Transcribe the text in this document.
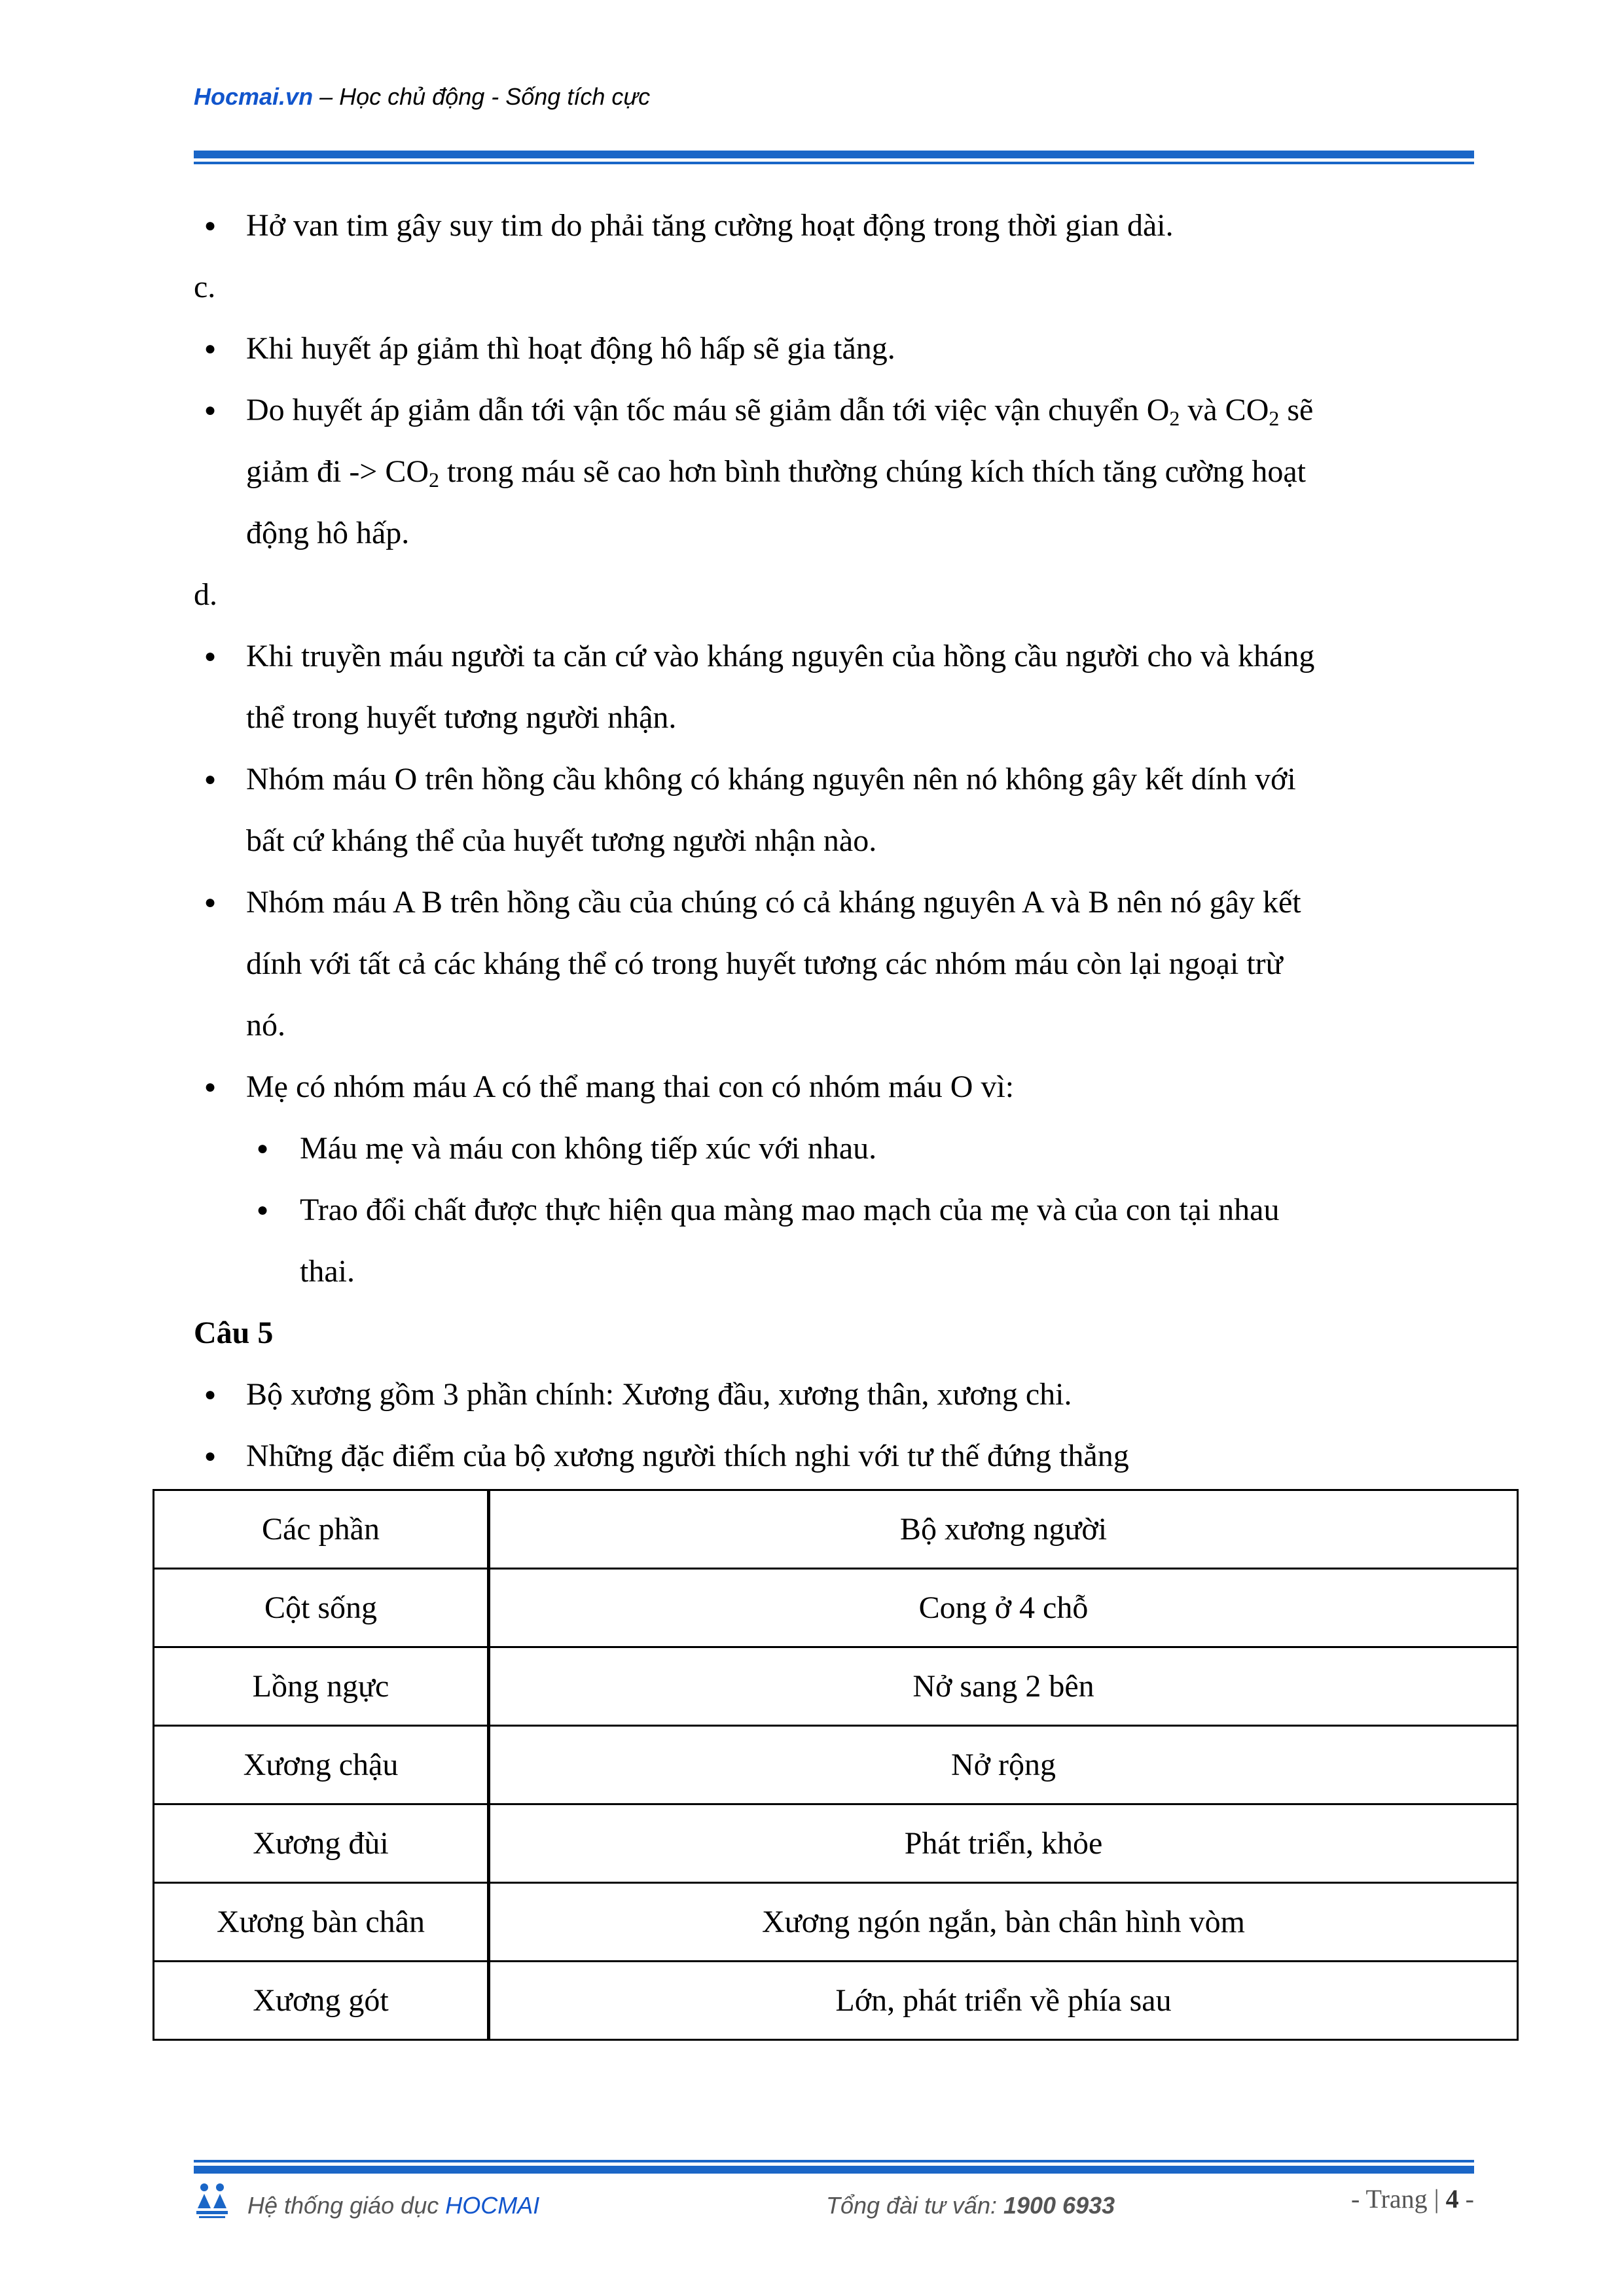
Hocmai.vn – Học chủ động - Sống tích cực
● Hở van tim gây suy tim do phải tăng cường hoạt động trong thời gian dài.
c.
● Khi huyết áp giảm thì hoạt động hô hấp sẽ gia tăng.
● Do huyết áp giảm dẫn tới vận tốc máu sẽ giảm dẫn tới việc vận chuyển $O_2$ và $CO_2$ sẽ
giảm đi -> $CO_2$ trong máu sẽ cao hơn bình thường chúng kích thích tăng cường hoạt
động hô hấp.
d.
● Khi truyền máu người ta căn cứ vào kháng nguyên của hồng cầu người cho và kháng
thể trong huyết tương người nhận.
● Nhóm máu O trên hồng cầu không có kháng nguyên nên nó không gây kết dính với
bất cứ kháng thể của huyết tương người nhận nào.
● Nhóm máu A B trên hồng cầu của chúng có cả kháng nguyên A và B nên nó gây kết
dính với tất cả các kháng thể có trong huyết tương các nhóm máu còn lại ngoại trừ
nó.
● Mẹ có nhóm máu A có thể mang thai con có nhóm máu O vì:
● Máu mẹ và máu con không tiếp xúc với nhau.
● Trao đổi chất được thực hiện qua màng mao mạch của mẹ và của con tại nhau
thai.
Câu 5
● Bộ xương gồm 3 phần chính: Xương đầu, xương thân, xương chi.
● Những đặc điểm của bộ xương người thích nghi với tư thế đứng thẳng
Các phần	Bộ xương người
Cột sống	Cong ở 4 chỗ
Lồng ngực	Nở sang 2 bên
Xương chậu	Nở rộng
Xương đùi	Phát triển, khỏe
Xương bàn chân	Xương ngón ngắn, bàn chân hình vòm
Xương gót	Lớn, phát triển về phía sau
Hệ thống giáo dục HOCMAI	Tổng đài tư vấn: 1900 6933	- Trang | 4 -
